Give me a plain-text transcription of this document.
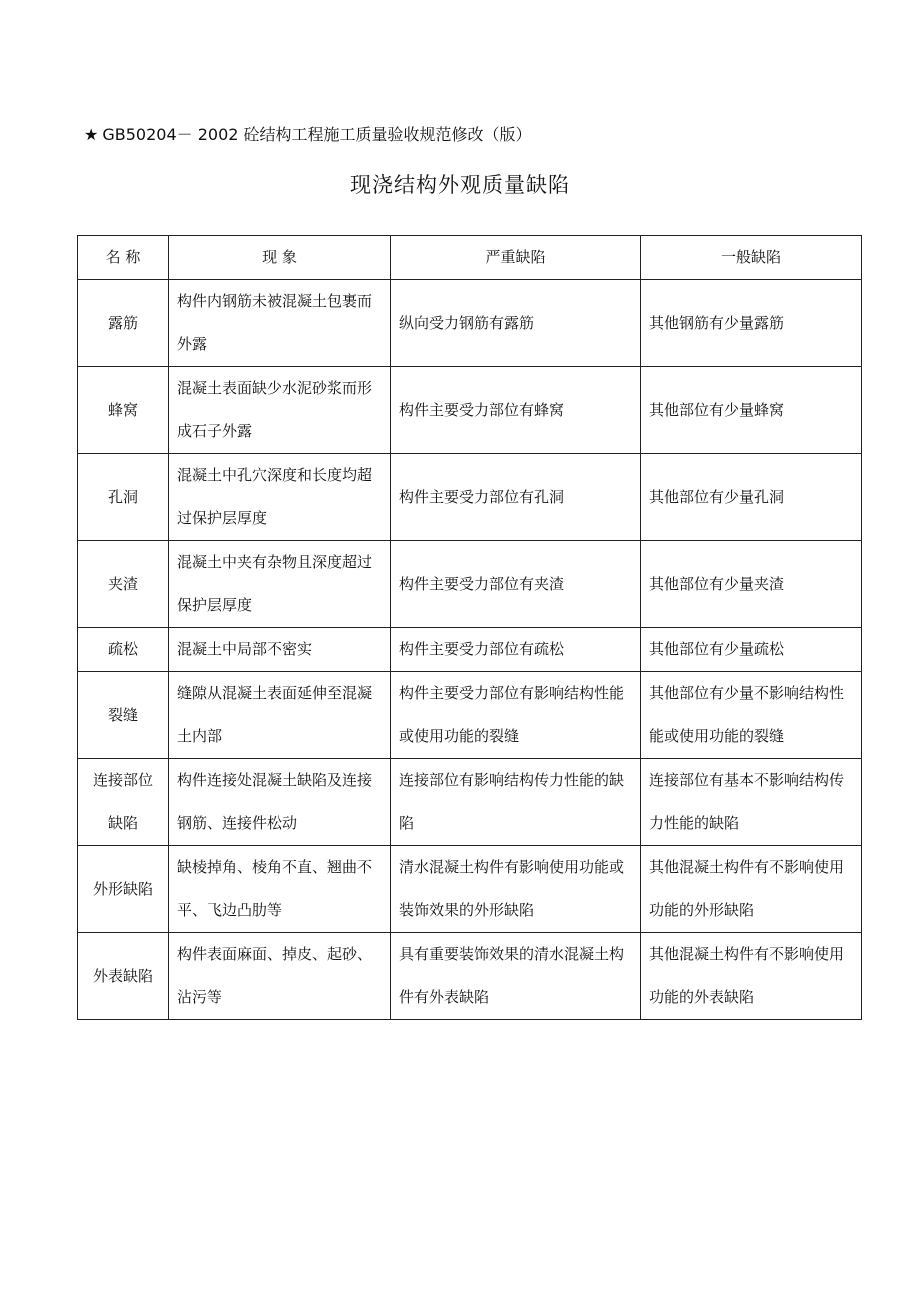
★ GB50204－ 2002 砼结构工程施工质量验收规范修改（版）
现浇结构外观质量缺陷
名 称	现 象	严重缺陷	一般缺陷
露筋	构件内钢筋未被混凝土包裹而外露	纵向受力钢筋有露筋	其他钢筋有少量露筋
蜂窝	混凝土表面缺少水泥砂浆而形成石子外露	构件主要受力部位有蜂窝	其他部位有少量蜂窝
孔洞	混凝土中孔穴深度和长度均超过保护层厚度	构件主要受力部位有孔洞	其他部位有少量孔洞
夹渣	混凝土中夹有杂物且深度超过保护层厚度	构件主要受力部位有夹渣	其他部位有少量夹渣
疏松	混凝土中局部不密实	构件主要受力部位有疏松	其他部位有少量疏松
裂缝	缝隙从混凝土表面延伸至混凝土内部	构件主要受力部位有影响结构性能或使用功能的裂缝	其他部位有少量不影响结构性能或使用功能的裂缝
连接部位缺陷	构件连接处混凝土缺陷及连接钢筋、连接件松动	连接部位有影响结构传力性能的缺陷	连接部位有基本不影响结构传力性能的缺陷
外形缺陷	缺棱掉角、棱角不直、翘曲不平、飞边凸肋等	清水混凝土构件有影响使用功能或装饰效果的外形缺陷	其他混凝土构件有不影响使用功能的外形缺陷
外表缺陷	构件表面麻面、掉皮、起砂、沾污等	具有重要装饰效果的清水混凝土构件有外表缺陷	其他混凝土构件有不影响使用功能的外表缺陷
